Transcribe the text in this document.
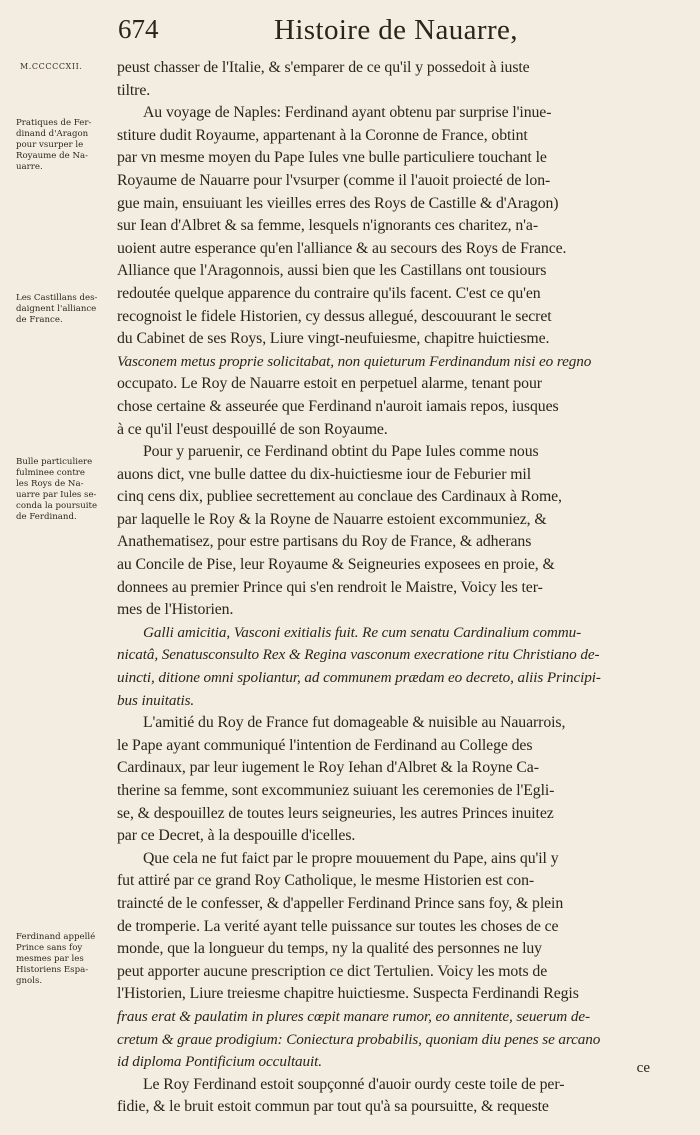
674	Histoire de Nauarre,
M.CCCCCXII.
Pratiques de Fer-
dinand d'Aragon
pour vsurper le
Royaume de Na-
uarre.
Les Castillans des-
daignent l'alliance
de France.
Bulle particuliere
fulminee contre
les Roys de Na-
uarre par Iules se-
conda la poursuite
de Ferdinand.
Ferdinand appellé
Prince sans foy
mesmes par les
Historiens Espa-
gnols.
peust chasser de l'Italie, & s'emparer de ce qu'il y possedoit à iuste
tiltre.
Au voyage de Naples: Ferdinand ayant obtenu par surprise l'inue-
stiture dudit Royaume, appartenant à la Coronne de France, obtint
par vn mesme moyen du Pape Iules vne bulle particuliere touchant le
Royaume de Nauarre pour l'vsurper (comme il l'auoit proiecté de lon-
gue main, ensuiuant les vieilles erres des Roys de Castille & d'Aragon)
sur Iean d'Albret & sa femme, lesquels n'ignorants ces charitez, n'a-
uoient autre esperance qu'en l'alliance & au secours des Roys de France.
Alliance que l'Aragonnois, aussi bien que les Castillans ont tousiours
redoutée quelque apparence du contraire qu'ils facent. C'est ce qu'en
recognoist le fidele Historien, cy dessus allegué, descouurant le secret
du Cabinet de ses Roys, Liure vingt-neufuiesme, chapitre huictiesme.
Vasconem metus proprie solicitabat, non quieturum Ferdinandum nisi eo regno
occupato. Le Roy de Nauarre estoit en perpetuel alarme, tenant pour
chose certaine & asseurée que Ferdinand n'auroit iamais repos, iusques
à ce qu'il l'eust despouillé de son Royaume.
Pour y paruenir, ce Ferdinand obtint du Pape Iules comme nous
auons dict, vne bulle dattee du dix-huictiesme iour de Feburier mil
cinq cens dix, publiee secrettement au conclaue des Cardinaux à Rome,
par laquelle le Roy & la Royne de Nauarre estoient excommuniez, &
Anathematisez, pour estre partisans du Roy de France, & adherans
au Concile de Pise, leur Royaume & Seigneuries exposees en proie, &
donnees au premier Prince qui s'en rendroit le Maistre, Voicy les ter-
mes de l'Historien.
Galli amicitia, Vasconi exitialis fuit. Re cum senatu Cardinalium commu-
nicatâ, Senatusconsulto Rex & Regina vasconum execratione ritu Christiano de-
uincti, ditione omni spoliantur, ad communem prædam eo decreto, aliis Principi-
bus inuitatis.
L'amitié du Roy de France fut domageable & nuisible au Nauarrois,
le Pape ayant communiqué l'intention de Ferdinand au College des
Cardinaux, par leur iugement le Roy Iehan d'Albret & la Royne Ca-
therine sa femme, sont excommuniez suiuant les ceremonies de l'Egli-
se, & despouillez de toutes leurs seigneuries, les autres Princes inuitez
par ce Decret, à la despouille d'icelles.
Que cela ne fut faict par le propre mouuement du Pape, ains qu'il y
fut attiré par ce grand Roy Catholique, le mesme Historien est con-
traincté de le confesser, & d'appeller Ferdinand Prince sans foy, & plein
de tromperie. La verité ayant telle puissance sur toutes les choses de ce
monde, que la longueur du temps, ny la qualité des personnes ne luy
peut apporter aucune prescription ce dict Tertulien. Voicy les mots de
l'Historien, Liure treiesme chapitre huictiesme. Suspecta Ferdinandi Regis
fraus erat & paulatim in plures cœpit manare rumor, eo annitente, seuerum de-
cretum & graue prodigium: Coniectura probabilis, quoniam diu penes se arcano
id diploma Pontificium occultauit.
Le Roy Ferdinand estoit soupçonné d'auoir ourdy ceste toile de per-
fidie, & le bruit estoit commun par tout qu'à sa poursuitte, & requeste
ce
